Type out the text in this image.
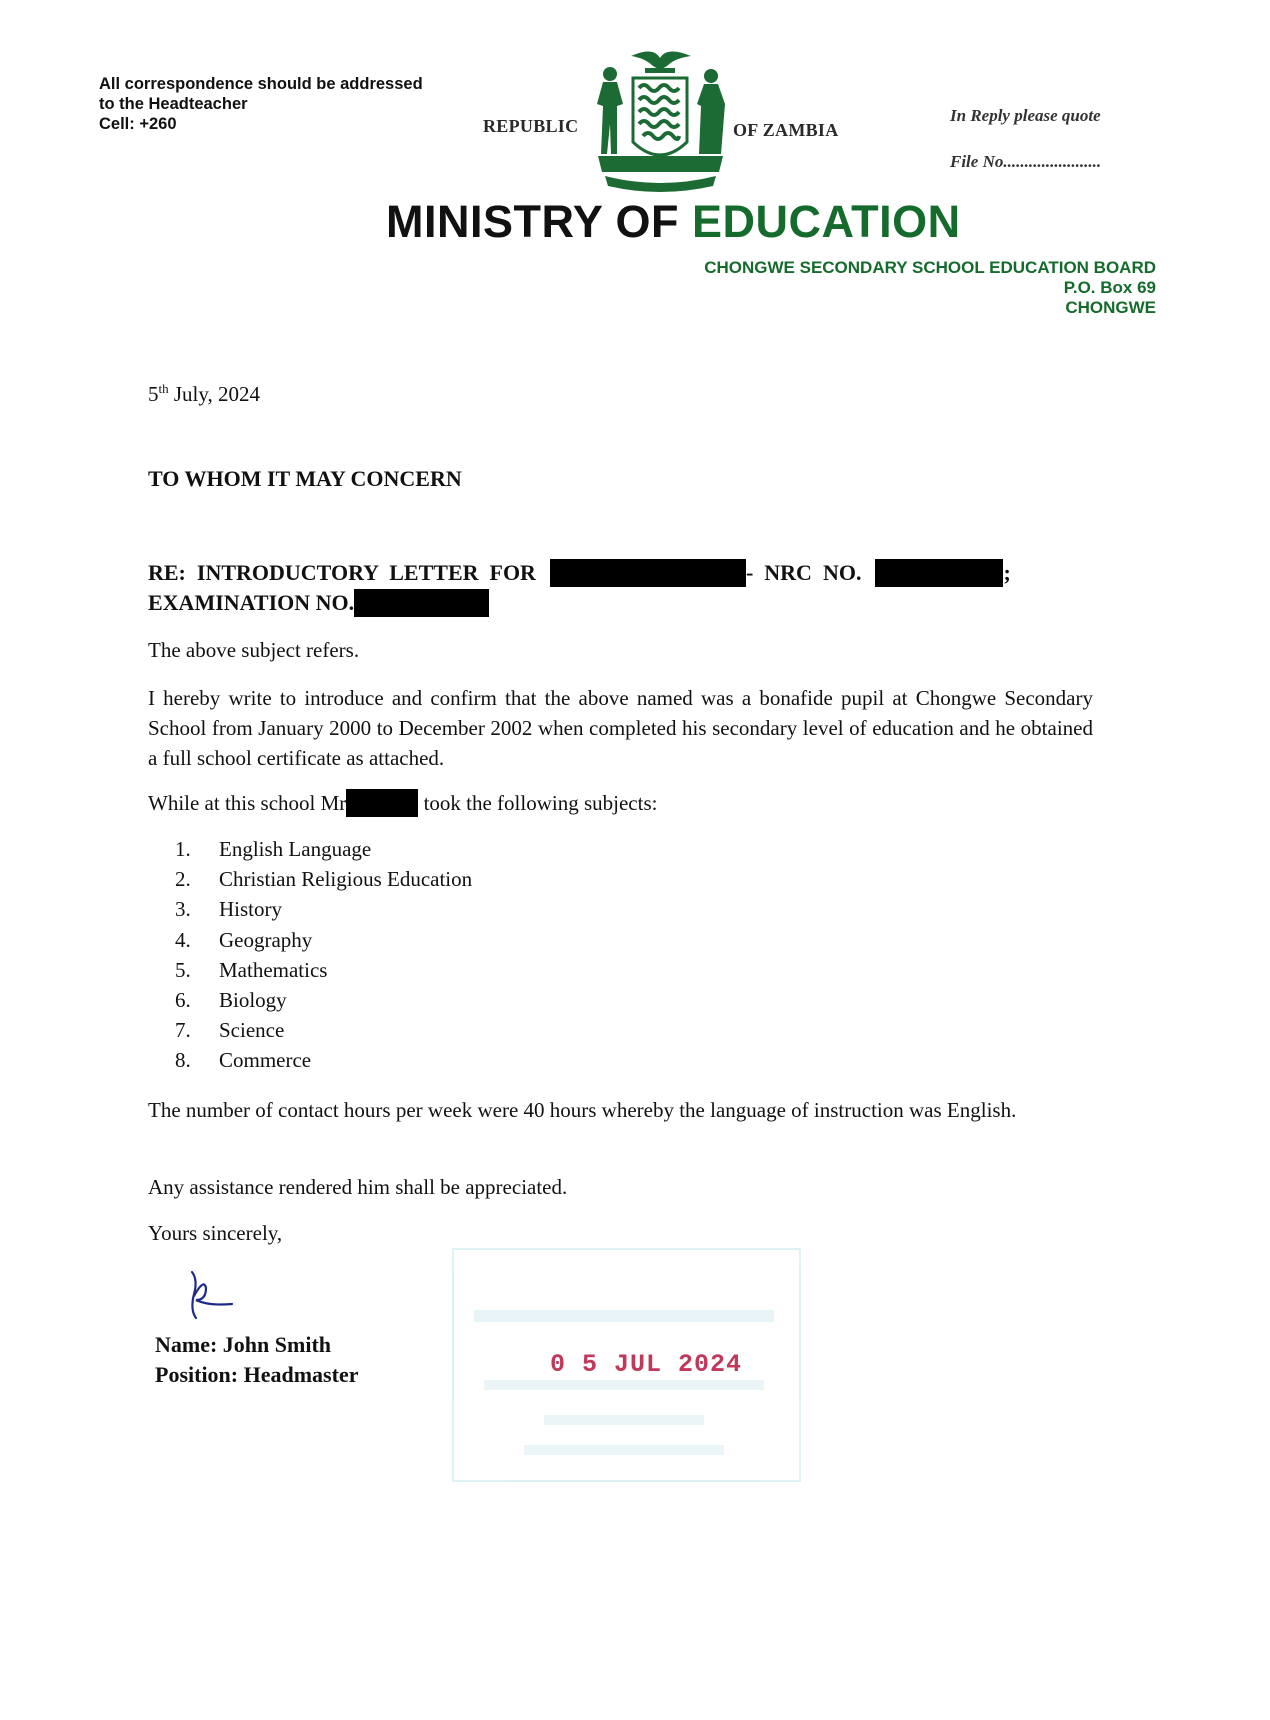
All correspondence should be addressed
to the Headteacher
Cell: +260	REPUBLIC	OF ZAMBIA
In Reply please quote
File No.......................
MINISTRY OF EDUCATION
CHONGWE SECONDARY SCHOOL EDUCATION BOARD
P.O. Box 69
CHONGWE
5th July, 2024
TO WHOM IT MAY CONCERN
RE:  INTRODUCTORY  LETTER  FOR	-  NRC  NO.	;
EXAMINATION NO.
The above subject refers.
I hereby write to introduce and confirm that the above named was a bonafide pupil at Chongwe Secondary School from January 2000 to December 2002 when completed his secondary level of education and he obtained a full school certificate as attached.
While at this school Mr	took the following subjects:
1.	English Language
2.	Christian Religious Education
3.	History
4.	Geography
5.	Mathematics
6.	Biology
7.	Science
8.	Commerce
The number of contact hours per week were 40 hours whereby the language of instruction was English.
Any assistance rendered him shall be appreciated.
Yours sincerely,
Name: John Smith
Position: Headmaster	0 5 JUL 2024
